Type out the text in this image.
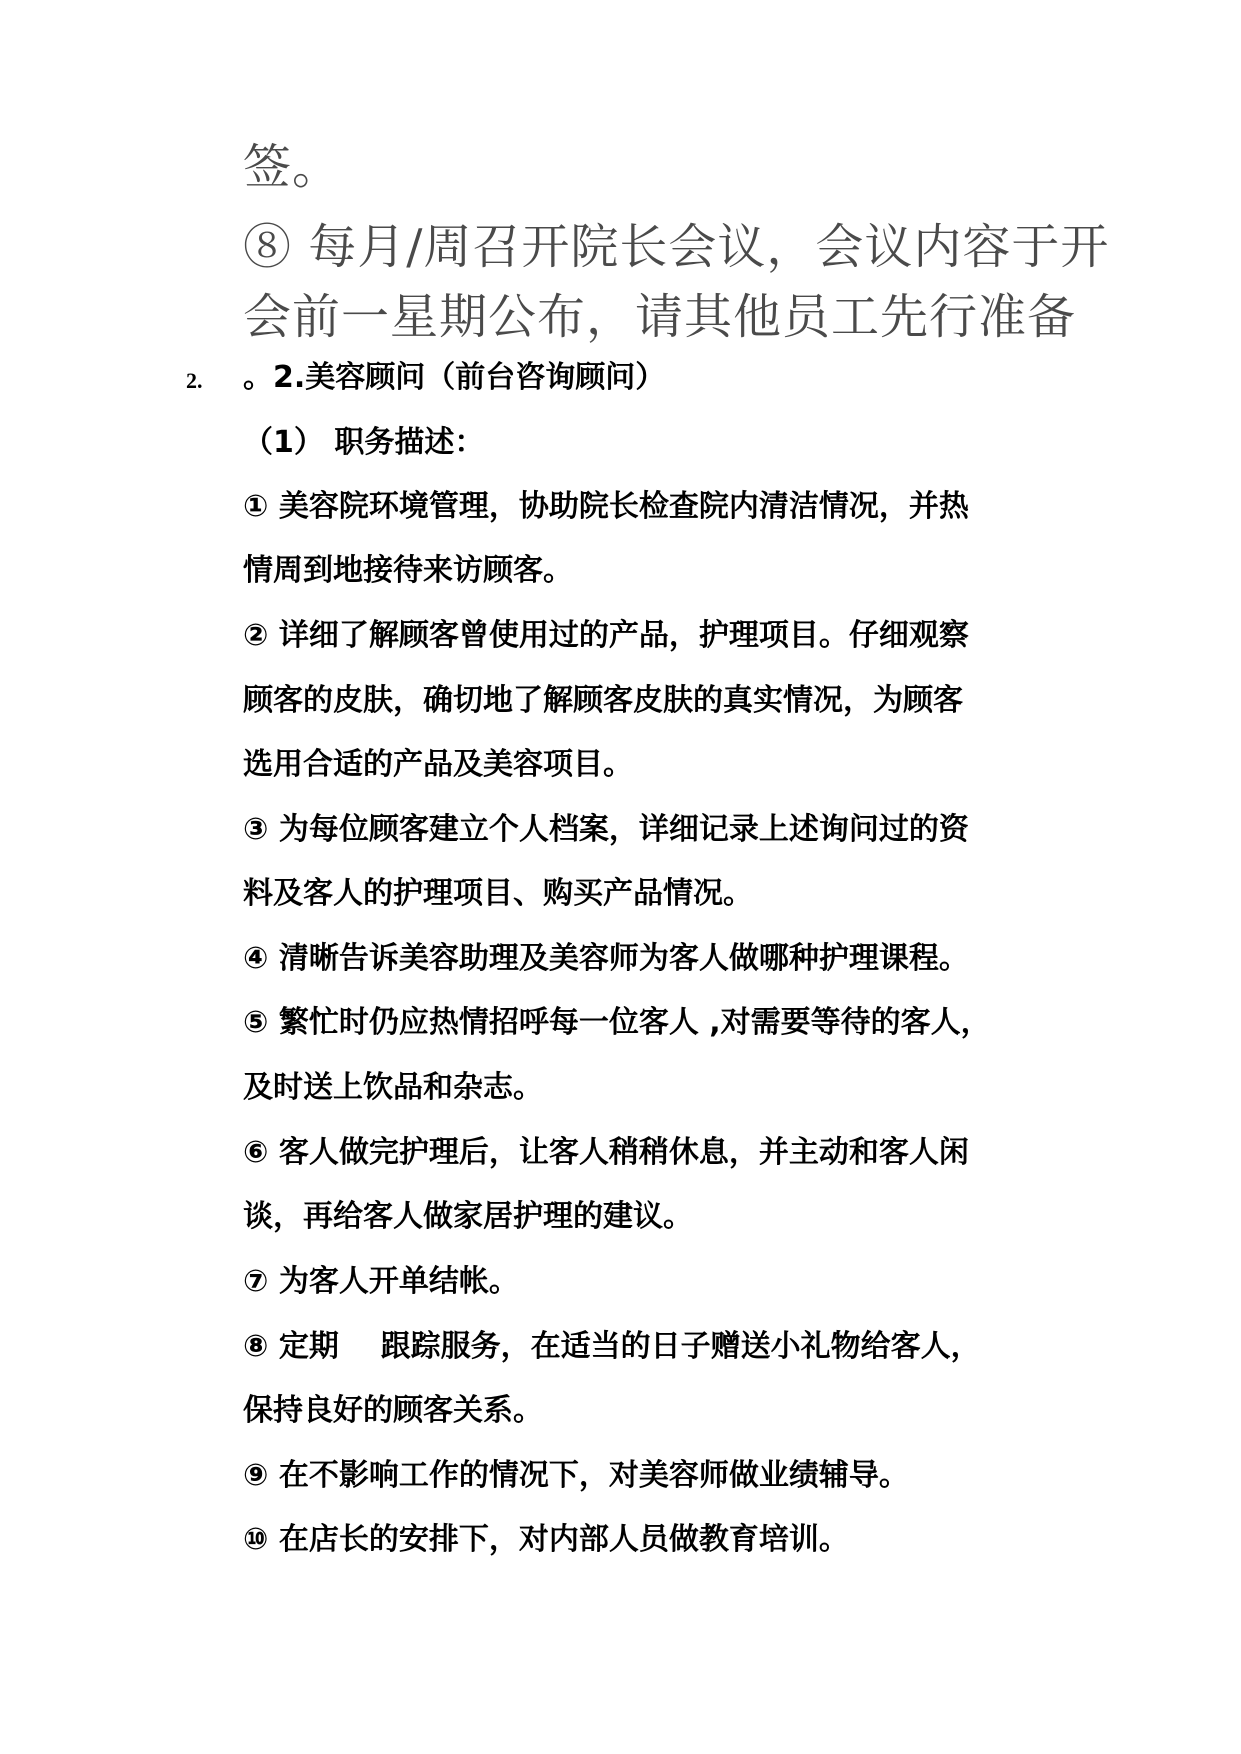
签。
⑧ 每月/周召开院长会议，会议内容于开
会前一星期公布，请其他员工先行准备
2. 。2.美容顾问（前台咨询顾问）
（1） 职务描述：
① 美容院环境管理，协助院长检查院内清洁情况，并热
情周到地接待来访顾客。
② 详细了解顾客曾使用过的产品，护理项目。仔细观察
顾客的皮肤，确切地了解顾客皮肤的真实情况，为顾客
选用合适的产品及美容项目。
③ 为每位顾客建立个人档案，详细记录上述询问过的资
料及客人的护理项目、购买产品情况。
④ 清晰告诉美容助理及美容师为客人做哪种护理课程。
⑤ 繁忙时仍应热情招呼每一位客人 ,对需要等待的客人，
及时送上饮品和杂志。
⑥ 客人做完护理后，让客人稍稍休息，并主动和客人闲
谈，再给客人做家居护理的建议。
⑦ 为客人开单结帐。
⑧ 定期    跟踪服务，在适当的日子赠送小礼物给客人，
保持良好的顾客关系。
⑨ 在不影响工作的情况下，对美容师做业绩辅导。
⑩ 在店长的安排下，对内部人员做教育培训。
